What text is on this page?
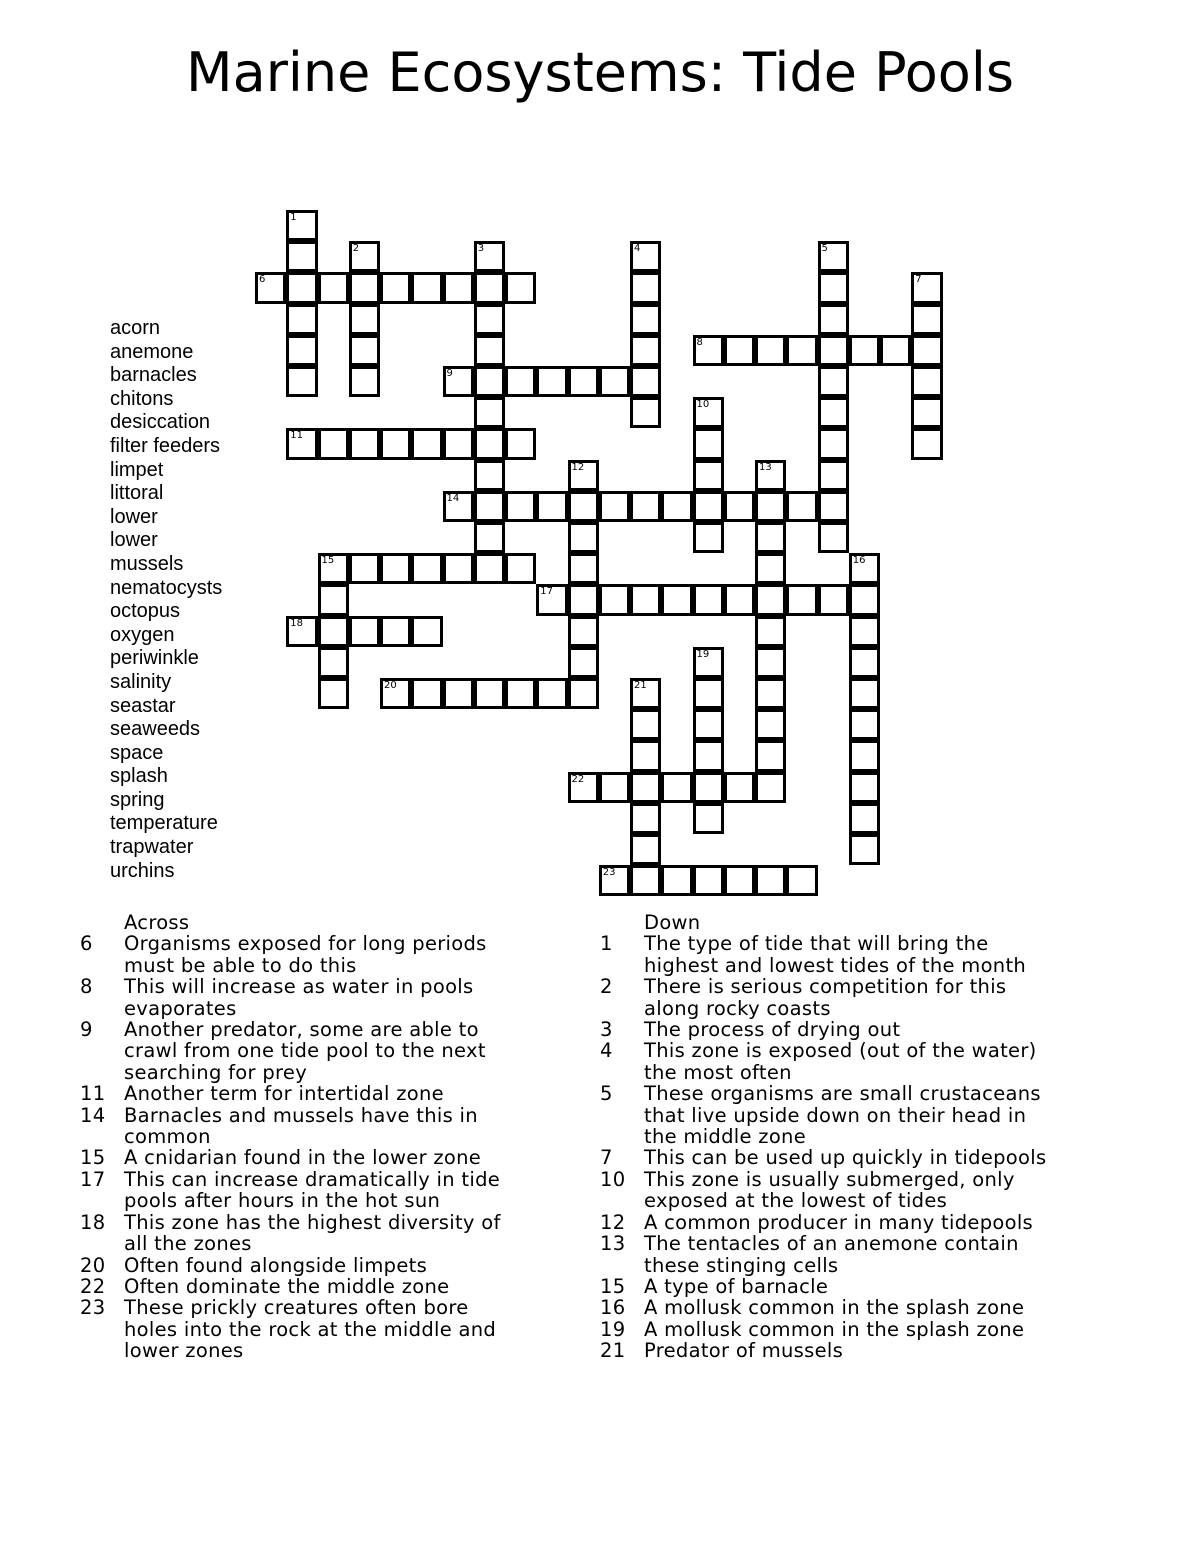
Marine Ecosystems: Tide Pools
1
2	3	4	5
6	7
8
9
10
11
12	13
14
15	16
17
18
19
20	21
22
23
acorn
anemone
barnacles
chitons
desiccation
filter feeders
limpet
littoral
lower
lower
mussels
nematocysts
octopus
oxygen
periwinkle
salinity
seastar
seaweeds
space
splash
spring
temperature
trapwater
urchins
Across
6	Organisms exposed for long periods must be able to do this
8	This will increase as water in pools evaporates
9	Another predator, some are able to crawl from one tide pool to the next searching for prey
11 Another term for intertidal zone
14 Barnacles and mussels have this in common
15 A cnidarian found in the lower zone
17 This can increase dramatically in tide pools after hours in the hot sun
18 This zone has the highest diversity of all the zones
20 Often found alongside limpets
22 Often dominate the middle zone
23 These prickly creatures often bore holes into the rock at the middle and lower zones
Down
1	The type of tide that will bring the highest and lowest tides of the month
2	There is serious competition for this along rocky coasts
3	The process of drying out
4	This zone is exposed (out of the water) the most often
5	These organisms are small crustaceans that live upside down on their head in the middle zone
7	This can be used up quickly in tidepools
10 This zone is usually submerged, only exposed at the lowest of tides
12 A common producer in many tidepools
13 The tentacles of an anemone contain these stinging cells
15 A type of barnacle
16 A mollusk common in the splash zone
19 A mollusk common in the splash zone
21 Predator of mussels
